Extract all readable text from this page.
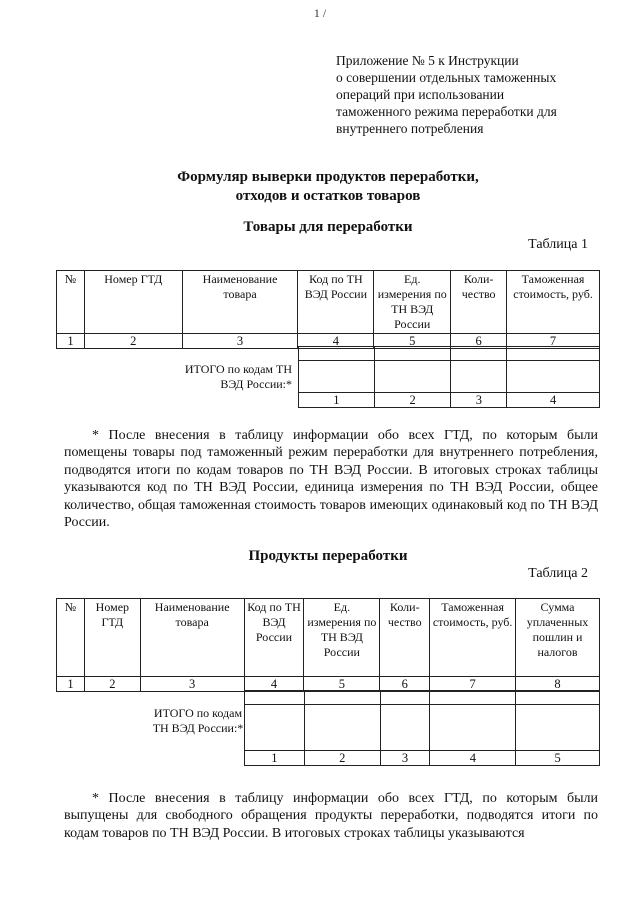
1 /
Приложение № 5 к Инструкции
о совершении отдельных таможенных
операций при использовании
таможенного режима переработки для
внутреннего потребления
Формуляр выверки продуктов переработки,
отходов и остатков товаров
Товары для переработки
Таблица 1
№	Номер ГТД	Наименование товара	Код по ТН ВЭД России	Ед. измерения по ТН ВЭД России	Коли-чество	Таможенная стоимость, руб.
1	2	3	4	5	6	7
ИТОГО по кодам ТН ВЭД России:*

1	2	3	4
* После внесения в таблицу информации обо всех ГТД, по которым были помещены товары под таможенный режим переработки для внутреннего потребления, подводятся итоги по кодам товаров по ТН ВЭД России. В итоговых строках таблицы указываются код по ТН ВЭД России, единица измерения по ТН ВЭД России, общее количество, общая таможенная стоимость товаров имеющих одинаковый код по ТН ВЭД России.
Продукты переработки
Таблица 2
№	Номер ГТД	Наименование товара	Код по ТН ВЭД России	Ед. измерения по ТН ВЭД России	Коли-чество	Таможенная стоимость, руб.	Сумма уплаченных пошлин и налогов
1	2	3	4	5	6	7	8
ИТОГО по кодам ТН ВЭД России:*

1	2	3	4	5
* После внесения в таблицу информации обо всех ГТД, по которым были выпущены для свободного обращения продукты переработки, подводятся итоги по кодам товаров по ТН ВЭД России. В итоговых строках таблицы указываются
